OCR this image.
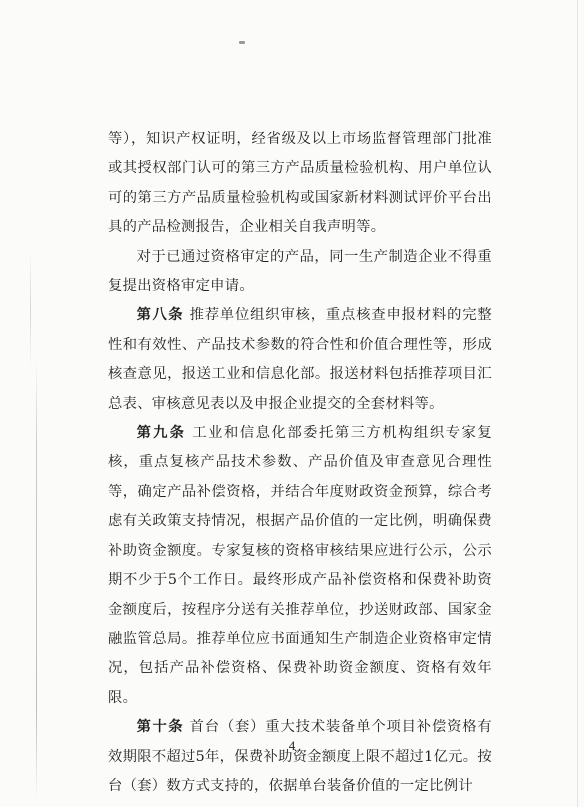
等），知识产权证明，经省级及以上市场监督管理部门批准或其授权部门认可的第三方产品质量检验机构、用户单位认可的第三方产品质量检验机构或国家新材料测试评价平台出具的产品检测报告，企业相关自我声明等。

对于已通过资格审定的产品，同一生产制造企业不得重复提出资格审定申请。

第八条 推荐单位组织审核，重点核查申报材料的完整性和有效性、产品技术参数的符合性和价值合理性等，形成核查意见，报送工业和信息化部。报送材料包括推荐项目汇总表、审核意见表以及申报企业提交的全套材料等。

第九条 工业和信息化部委托第三方机构组织专家复核，重点复核产品技术参数、产品价值及审查意见合理性等，确定产品补偿资格，并结合年度财政资金预算，综合考虑有关政策支持情况，根据产品价值的一定比例，明确保费补助资金额度。专家复核的资格审核结果应进行公示，公示期不少于5个工作日。最终形成产品补偿资格和保费补助资金额度后，按程序分送有关推荐单位，抄送财政部、国家金融监管总局。推荐单位应书面通知生产制造企业资格审定情况，包括产品补偿资格、保费补助资金额度、资格有效年限。

第十条 首台（套）重大技术装备单个项目补偿资格有效期限不超过5年，保费补助资金额度上限不超过1亿元。按台（套）数方式支持的，依据单台装备价值的一定比例计

4
